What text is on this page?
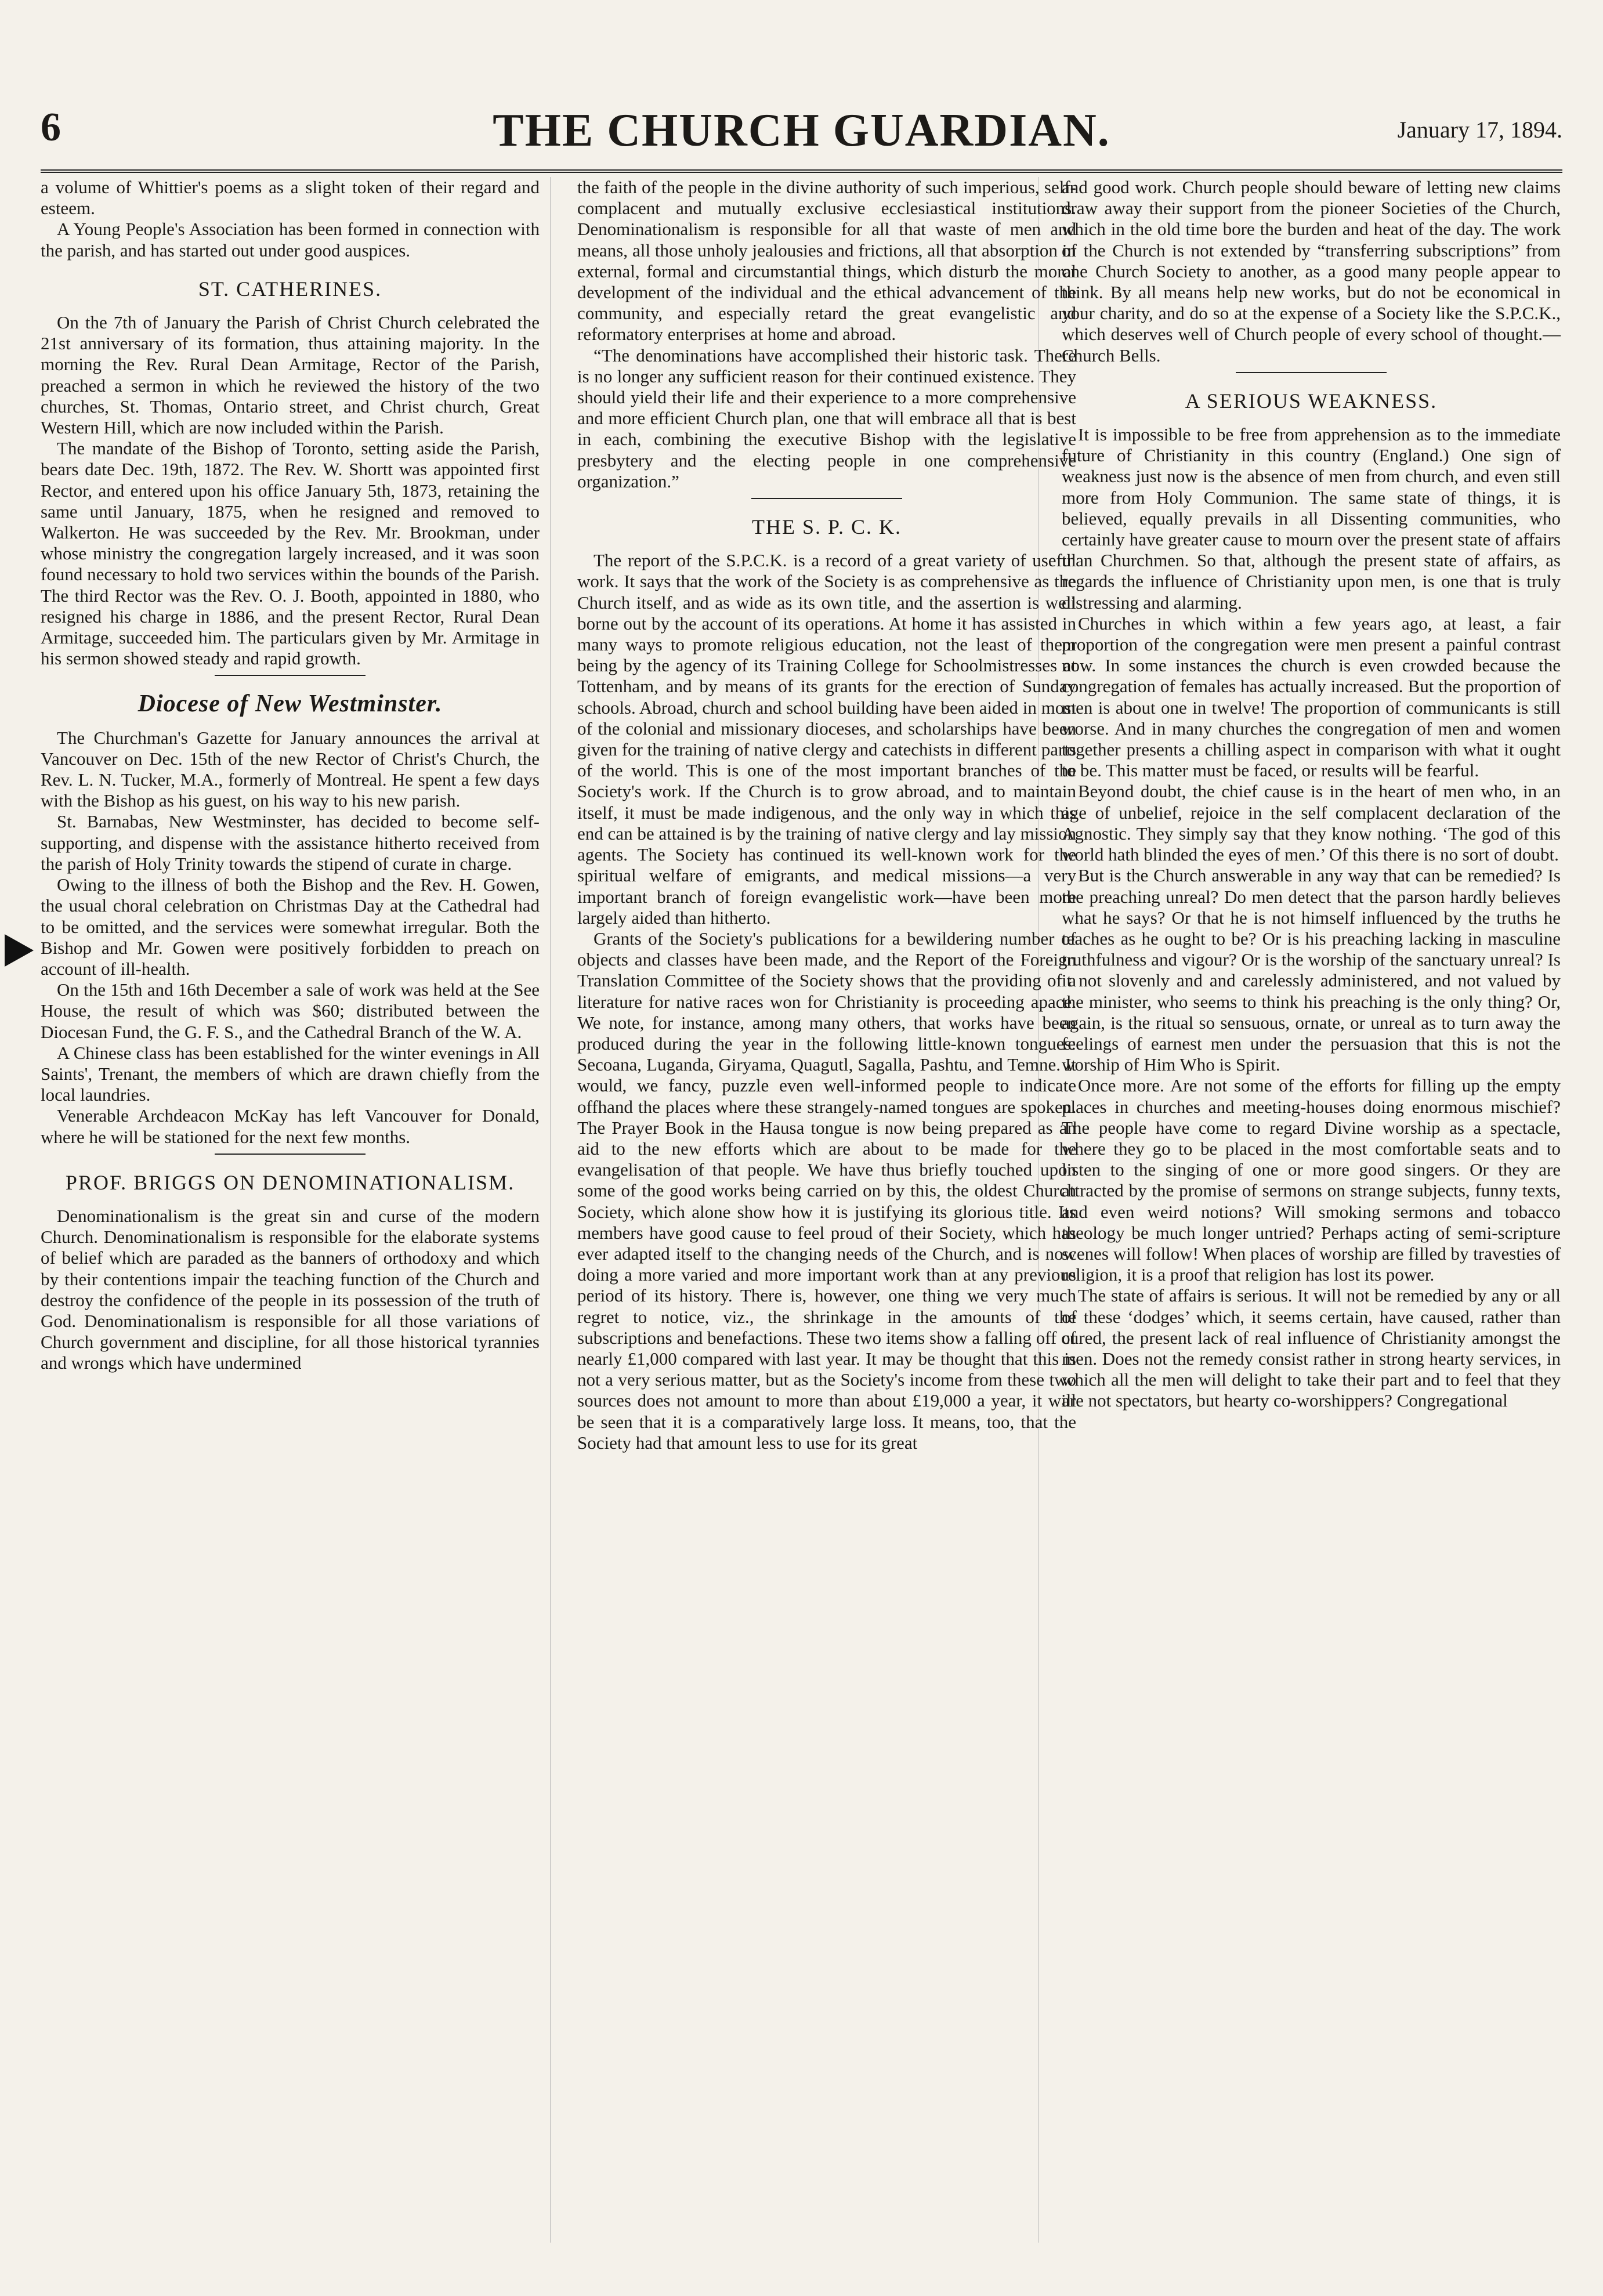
6	THE CHURCH GUARDIAN.	January 17, 1894.

a volume of Whittier's poems as a slight token of their regard and esteem.

A Young People's Association has been formed in connection with the parish, and has started out under good auspices.

ST. CATHERINES.

On the 7th of January the Parish of Christ Church celebrated the 21st anniversary of its formation, thus attaining majority. In the morning the Rev. Rural Dean Armitage, Rector of the Parish, preached a sermon in which he reviewed the history of the two churches, St. Thomas, Ontario street, and Christ church, Great Western Hill, which are now included within the Parish.

The mandate of the Bishop of Toronto, setting aside the Parish, bears date Dec. 19th, 1872. The Rev. W. Shortt was appointed first Rector, and entered upon his office January 5th, 1873, retaining the same until January, 1875, when he resigned and removed to Walkerton. He was succeeded by the Rev. Mr. Brookman, under whose ministry the congregation largely increased, and it was soon found necessary to hold two services within the bounds of the Parish. The third Rector was the Rev. O. J. Booth, appointed in 1880, who resigned his charge in 1886, and the present Rector, Rural Dean Armitage, succeeded him. The particulars given by Mr. Armitage in his sermon showed steady and rapid growth.

Diocese of New Westminster.

The Churchman's Gazette for January announces the arrival at Vancouver on Dec. 15th of the new Rector of Christ's Church, the Rev. L. N. Tucker, M.A., formerly of Montreal. He spent a few days with the Bishop as his guest, on his way to his new parish.

St. Barnabas, New Westminster, has decided to become self-supporting, and dispense with the assistance hitherto received from the parish of Holy Trinity towards the stipend of curate in charge.

Owing to the illness of both the Bishop and the Rev. H. Gowen, the usual choral celebration on Christmas Day at the Cathedral had to be omitted, and the services were somewhat irregular. Both the Bishop and Mr. Gowen were positively forbidden to preach on account of ill-health.

On the 15th and 16th December a sale of work was held at the See House, the result of which was $60; distributed between the Diocesan Fund, the G. F. S., and the Cathedral Branch of the W. A.

A Chinese class has been established for the winter evenings in All Saints', Trenant, the members of which are drawn chiefly from the local laundries.

Venerable Archdeacon McKay has left Vancouver for Donald, where he will be stationed for the next few months.

PROF. BRIGGS ON DENOMINATIONALISM.

Denominationalism is the great sin and curse of the modern Church. Denominationalism is responsible for the elaborate systems of belief which are paraded as the banners of orthodoxy and which by their contentions impair the teaching function of the Church and destroy the confidence of the people in its possession of the truth of God. Denominationalism is responsible for all those variations of Church government and discipline, for all those historical tyrannies and wrongs which have undermined

the faith of the people in the divine authority of such imperious, self-complacent and mutually exclusive ecclesiastical institutions. Denominationalism is responsible for all that waste of men and means, all those unholy jealousies and frictions, all that absorption in external, formal and circumstantial things, which disturb the moral development of the individual and the ethical advancement of the community, and especially retard the great evangelistic and reformatory enterprises at home and abroad.

“The denominations have accomplished their historic task. There is no longer any sufficient reason for their continued existence. They should yield their life and their experience to a more comprehensive and more efficient Church plan, one that will embrace all that is best in each, combining the executive Bishop with the legislative presbytery and the electing people in one comprehensive organization.”

THE S. P. C. K.

The report of the S.P.C.K. is a record of a great variety of useful work. It says that the work of the Society is as comprehensive as the Church itself, and as wide as its own title, and the assertion is well borne out by the account of its operations. At home it has assisted in many ways to promote religious education, not the least of them being by the agency of its Training College for Schoolmistresses at Tottenham, and by means of its grants for the erection of Sunday schools. Abroad, church and school building have been aided in most of the colonial and missionary dioceses, and scholarships have been given for the training of native clergy and catechists in different parts of the world. This is one of the most important branches of the Society's work. If the Church is to grow abroad, and to maintain itself, it must be made indigenous, and the only way in which this end can be attained is by the training of native clergy and lay mission agents. The Society has continued its well-known work for the spiritual welfare of emigrants, and medical missions—a very important branch of foreign evangelistic work—have been more largely aided than hitherto.

Grants of the Society's publications for a bewildering number of objects and classes have been made, and the Report of the Foreign Translation Committee of the Society shows that the providing of a literature for native races won for Christianity is proceeding apace. We note, for instance, among many others, that works have been produced during the year in the following little-known tongues: Secoana, Luganda, Giryama, Quagutl, Sagalla, Pashtu, and Temne. It would, we fancy, puzzle even well-informed people to indicate offhand the places where these strangely-named tongues are spoken. The Prayer Book in the Hausa tongue is now being prepared as an aid to the new efforts which are about to be made for the evangelisation of that people. We have thus briefly touched upon some of the good works being carried on by this, the oldest Church Society, which alone show how it is justifying its glorious title. Its members have good cause to feel proud of their Society, which has ever adapted itself to the changing needs of the Church, and is now doing a more varied and more important work than at any previous period of its history. There is, however, one thing we very much regret to notice, viz., the shrinkage in the amounts of the subscriptions and benefactions. These two items show a falling off of nearly £1,000 compared with last year. It may be thought that this is not a very serious matter, but as the Society's income from these two sources does not amount to more than about £19,000 a year, it will be seen that it is a comparatively large loss. It means, too, that the Society had that amount less to use for its great

and good work. Church people should beware of letting new claims draw away their support from the pioneer Societies of the Church, which in the old time bore the burden and heat of the day. The work of the Church is not extended by “transferring subscriptions” from one Church Society to another, as a good many people appear to think. By all means help new works, but do not be economical in your charity, and do so at the expense of a Society like the S.P.C.K., which deserves well of Church people of every school of thought.—Church Bells.

A SERIOUS WEAKNESS.

It is impossible to be free from apprehension as to the immediate future of Christianity in this country (England.) One sign of weakness just now is the absence of men from church, and even still more from Holy Communion. The same state of things, it is believed, equally prevails in all Dissenting communities, who certainly have greater cause to mourn over the present state of affairs than Churchmen. So that, although the present state of affairs, as regards the influence of Christianity upon men, is one that is truly distressing and alarming.

Churches in which within a few years ago, at least, a fair proportion of the congregation were men present a painful contrast now. In some instances the church is even crowded because the congregation of females has actually increased. But the proportion of men is about one in twelve! The proportion of communicants is still worse. And in many churches the congregation of men and women together presents a chilling aspect in comparison with what it ought to be. This matter must be faced, or results will be fearful.

Beyond doubt, the chief cause is in the heart of men who, in an age of unbelief, rejoice in the self complacent declaration of the Agnostic. They simply say that they know nothing. ‘The god of this world hath blinded the eyes of men.’ Of this there is no sort of doubt.

But is the Church answerable in any way that can be remedied? Is the preaching unreal? Do men detect that the parson hardly believes what he says? Or that he is not himself influenced by the truths he teaches as he ought to be? Or is his preaching lacking in masculine truthfulness and vigour? Or is the worship of the sanctuary unreal? Is it not slovenly and and carelessly administered, and not valued by the minister, who seems to think his preaching is the only thing? Or, again, is the ritual so sensuous, ornate, or unreal as to turn away the feelings of earnest men under the persuasion that this is not the worship of Him Who is Spirit.

Once more. Are not some of the efforts for filling up the empty places in churches and meeting-houses doing enormous mischief? The people have come to regard Divine worship as a spectacle, where they go to be placed in the most comfortable seats and to listen to the singing of one or more good singers. Or they are attracted by the promise of sermons on strange subjects, funny texts, and even weird notions? Will smoking sermons and tobacco theology be much longer untried? Perhaps acting of semi-scripture scenes will follow! When places of worship are filled by travesties of religion, it is a proof that religion has lost its power.

The state of affairs is serious. It will not be remedied by any or all of these ‘dodges’ which, it seems certain, have caused, rather than cured, the present lack of real influence of Christianity amongst the men. Does not the remedy consist rather in strong hearty services, in which all the men will delight to take their part and to feel that they are not spectators, but hearty co-worshippers? Congregational
